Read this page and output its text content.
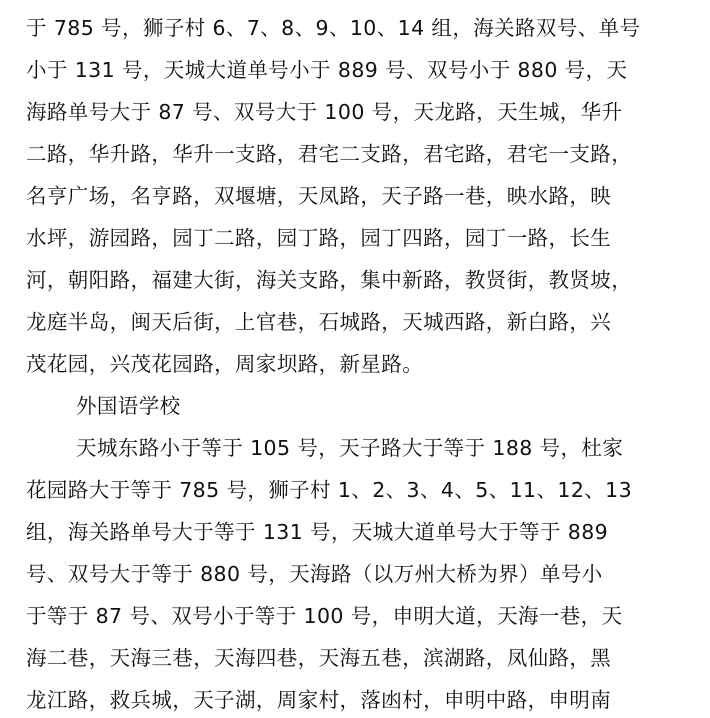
于 785 号，狮子村 6、7、8、9、10、14 组，海关路双号、单号
小于 131 号，天城大道单号小于 889 号、双号小于 880 号，天
海路单号大于 87 号、双号大于 100 号，天龙路，天生城，华升
二路，华升路，华升一支路，君宅二支路，君宅路，君宅一支路，
名亨广场，名亨路，双堰塘，天凤路，天子路一巷，映水路，映
水坪，游园路，园丁二路，园丁路，园丁四路，园丁一路，长生
河，朝阳路，福建大街，海关支路，集中新路，教贤街，教贤坡，
龙庭半岛，闽天后街，上官巷，石城路，天城西路，新白路，兴
茂花园，兴茂花园路，周家坝路，新星路。
外国语学校
天城东路小于等于 105 号，天子路大于等于 188 号，杜家
花园路大于等于 785 号，狮子村 1、2、3、4、5、11、12、13
组，海关路单号大于等于 131 号，天城大道单号大于等于 889
号、双号大于等于 880 号，天海路（以万州大桥为界）单号小
于等于 87 号、双号小于等于 100 号，申明大道，天海一巷，天
海二巷，天海三巷，天海四巷，天海五巷，滨湖路，凤仙路，黑
龙江路，救兵城，天子湖，周家村，落凼村，申明中路，申明南
